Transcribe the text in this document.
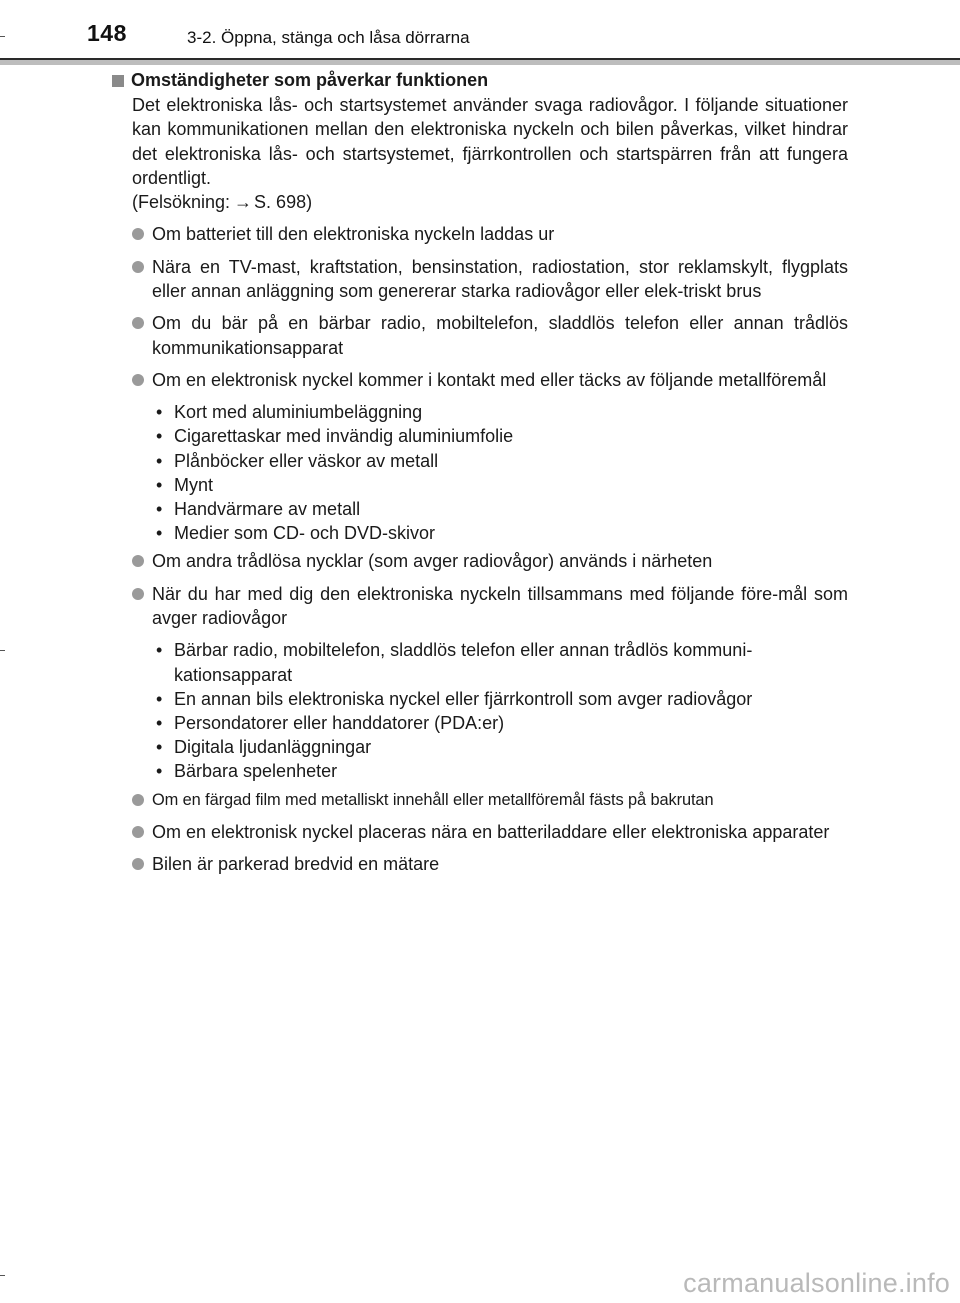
148	3-2. Öppna, stänga och låsa dörrarna
Omständigheter som påverkar funktionen
Det elektroniska lås- och startsystemet använder svaga radiovågor. I följande situationer kan kommunikationen mellan den elektroniska nyckeln och bilen påverkas, vilket hindrar det elektroniska lås- och startsystemet, fjärrkontrollen och startspärren från att fungera ordentligt.
(Felsökning: → S. 698)
Om batteriet till den elektroniska nyckeln laddas ur
Nära en TV-mast, kraftstation, bensinstation, radiostation, stor reklamskylt, flygplats eller annan anläggning som genererar starka radiovågor eller elek-triskt brus
Om du bär på en bärbar radio, mobiltelefon, sladdlös telefon eller annan trådlös kommunikationsapparat
Om en elektronisk nyckel kommer i kontakt med eller täcks av följande metallföremål
• Kort med aluminiumbeläggning
• Cigarettaskar med invändig aluminiumfolie
• Plånböcker eller väskor av metall
• Mynt
• Handvärmare av metall
• Medier som CD- och DVD-skivor
Om andra trådlösa nycklar (som avger radiovågor) används i närheten
När du har med dig den elektroniska nyckeln tillsammans med följande före-mål som avger radiovågor
• Bärbar radio, mobiltelefon, sladdlös telefon eller annan trådlös kommuni-kationsapparat
• En annan bils elektroniska nyckel eller fjärrkontroll som avger radiovågor
• Persondatorer eller handdatorer (PDA:er)
• Digitala ljudanläggningar
• Bärbara spelenheter
Om en färgad film med metalliskt innehåll eller metallföremål fästs på bakrutan
Om en elektronisk nyckel placeras nära en batteriladdare eller elektroniska apparater
Bilen är parkerad bredvid en mätare
carmanualsonline.info
